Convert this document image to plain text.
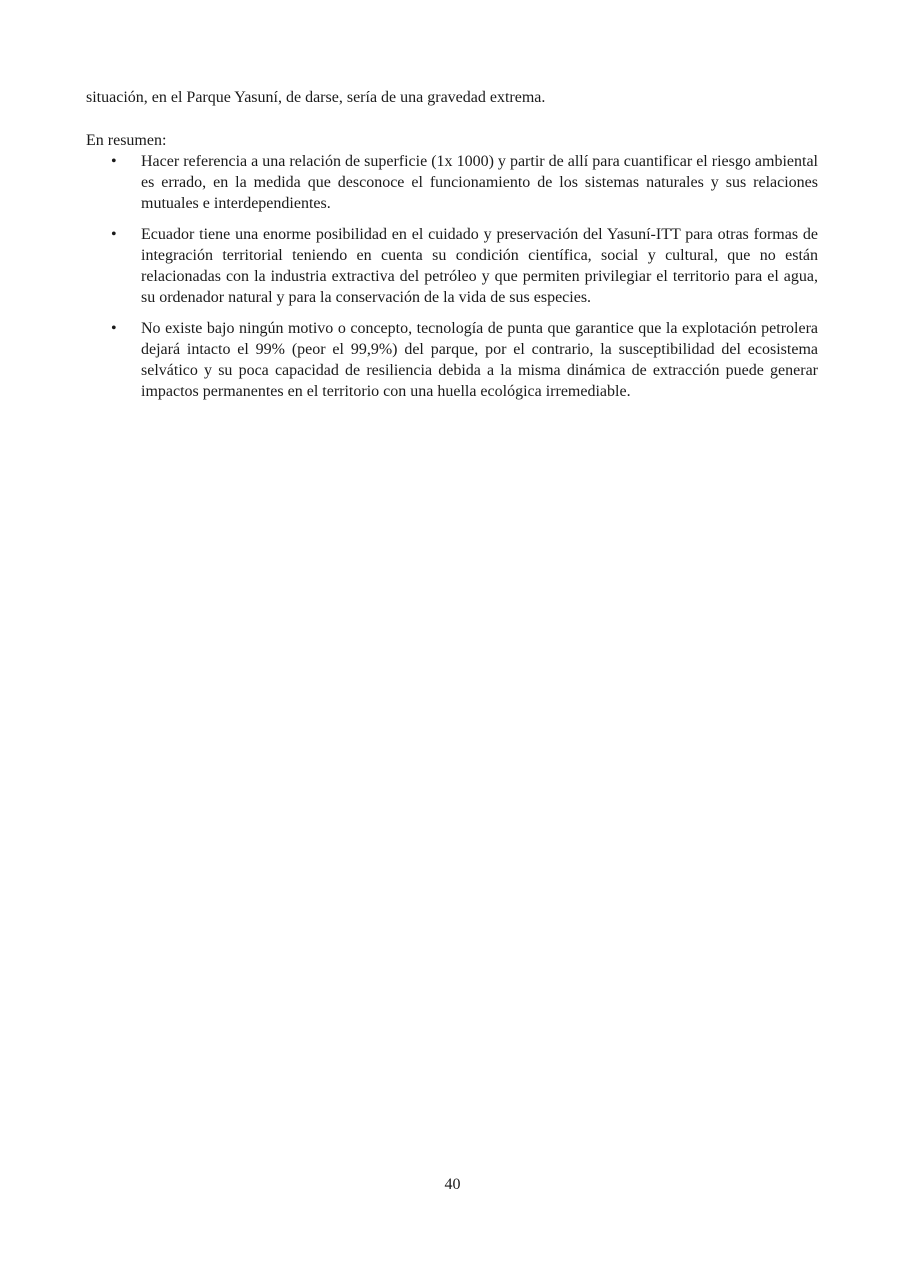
situación, en el Parque Yasuní, de darse, sería de una gravedad extrema.

En resumen:

• Hacer referencia a una relación de superficie (1x 1000) y partir de allí para cuantificar el riesgo ambiental es errado, en la medida que desconoce el funcionamiento de los sistemas naturales y sus relaciones mutuales e interdependientes.
• Ecuador tiene una enorme posibilidad en el cuidado y preservación del Yasuní-ITT para otras formas de integración territorial teniendo en cuenta su condición científica, social y cultural, que no están relacionadas con la industria extractiva del petróleo y que permiten privilegiar el territorio para el agua, su ordenador natural y para la conservación de la vida de sus especies.
• No existe bajo ningún motivo o concepto, tecnología de punta que garantice que la explotación petrolera dejará intacto el 99% (peor el 99,9%) del parque, por el contrario, la susceptibilidad del ecosistema selvático y su poca capacidad de resiliencia debida a la misma dinámica de extracción puede generar impactos permanentes en el territorio con una huella ecológica irremediable.
40
